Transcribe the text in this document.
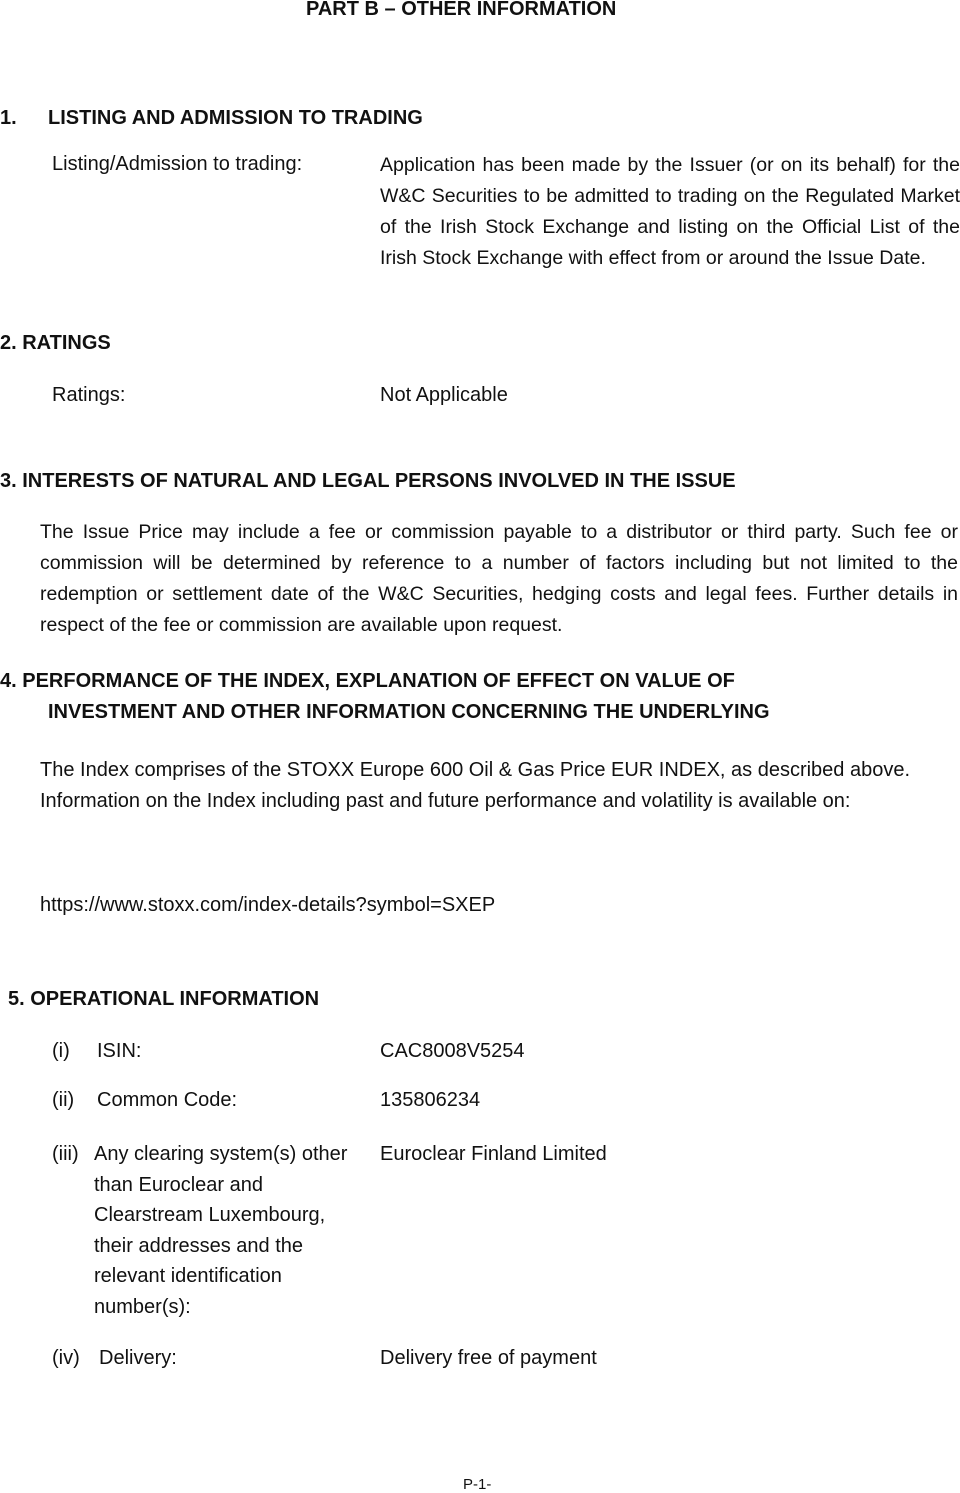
PART B – OTHER INFORMATION
1. LISTING AND ADMISSION TO TRADING
Listing/Admission to trading:	Application has been made by the Issuer (or on its behalf) for the W&C Securities to be admitted to trading on the Regulated Market of the Irish Stock Exchange and listing on the Official List of the Irish Stock Exchange with effect from or around the Issue Date.
2. RATINGS
Ratings:	Not Applicable
3. INTERESTS OF NATURAL AND LEGAL PERSONS INVOLVED IN THE ISSUE
The Issue Price may include a fee or commission payable to a distributor or third party. Such fee or commission will be determined by reference to a number of factors including but not limited to the redemption or settlement date of the W&C Securities, hedging costs and legal fees. Further details in respect of the fee or commission are available upon request.
4. PERFORMANCE OF THE INDEX, EXPLANATION OF EFFECT ON VALUE OF
INVESTMENT AND OTHER INFORMATION CONCERNING THE UNDERLYING
The Index comprises of the STOXX Europe 600 Oil & Gas Price EUR INDEX, as described above. Information on the Index including past and future performance and volatility is available on:
https://www.stoxx.com/index-details?symbol=SXEP
5. OPERATIONAL INFORMATION
(i) ISIN:	CAC8008V5254
(ii) Common Code:	135806234
(iii) Any clearing system(s) other than Euroclear and Clearstream Luxembourg, their addresses and the relevant identification number(s):
Euroclear Finland Limited
(iv) Delivery:	Delivery free of payment
P-1-
